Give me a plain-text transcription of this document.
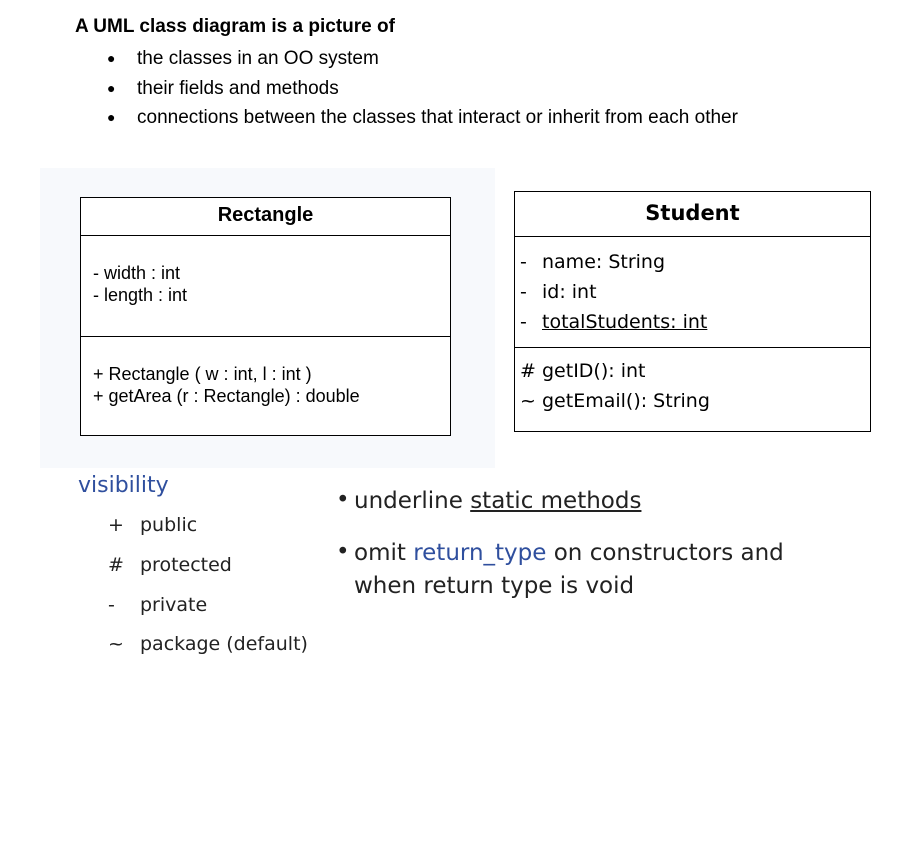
A UML class diagram is a picture of
● the classes in an OO system
● their fields and methods
● connections between the classes that interact or inherit from each other
Rectangle
- width : int
- length : int
+ Rectangle ( w : int, l : int )
+ getArea (r : Rectangle) : double
Student
- name: String
- id: int
- totalStudents: int
# getID(): int
~ getEmail(): String
visibility
+ public
# protected
- private
~ package (default)
• underline static methods
• omit return_type on constructors and
when return type is void
